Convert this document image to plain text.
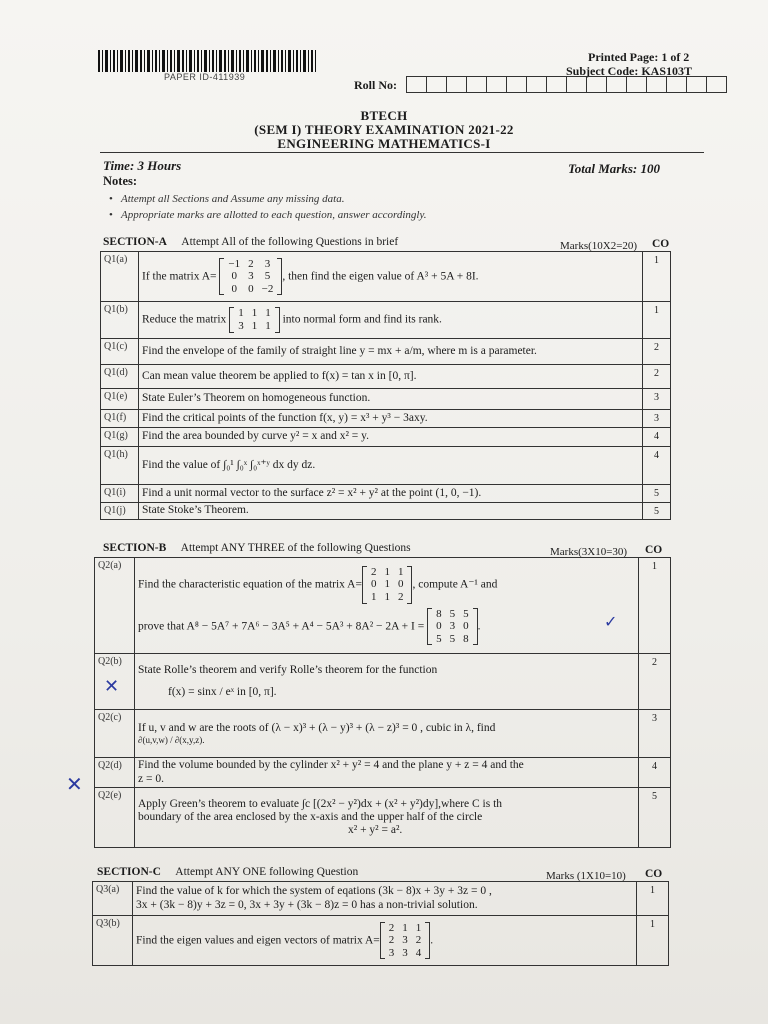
PAPER ID-411939
Printed Page: 1 of 2
Subject Code: KAS103T
Roll No:
BTECH
(SEM I) THEORY EXAMINATION 2021-22
ENGINEERING MATHEMATICS-I
Time: 3 Hours	Total Marks: 100
Notes:
• Attempt all Sections and Assume any missing data.
• Appropriate marks are allotted to each question, answer accordingly.
SECTION-A Attempt All of the following Questions in brief	Marks(10X2=20) CO
Q1(a)	If the matrix A=
−1	2	3
0	3	5
0	0	−2
, then find the eigen value of A³ + 5A + 8I.	1
Q1(b)	Reduce the matrix
1	1	1
3	1	1
into normal form and find its rank.	1
Q1(c)	Find the envelope of the family of straight line y = mx + a/m, where m is a parameter.	2
Q1(d)	Can mean value theorem be applied to f(x) = tan x in [0, π].	2
Q1(e)	State Euler’s Theorem on homogeneous function.	3
Q1(f)	Find the critical points of the function f(x, y) = x³ + y³ − 3axy.	3
Q1(g)	Find the area bounded by curve y² = x and x² = y.	4
Q1(h)	Find the value of ∫₀¹ ∫₀ˣ ∫₀ˣ⁺ʸ dx dy dz.	4
Q1(i)	Find a unit normal vector to the surface z² = x² + y² at the point (1, 0, −1).	5
Q1(j)	State Stoke’s Theorem.	5
SECTION-B Attempt ANY THREE of the following Questions	Marks(3X10=30) CO
Q2(a)	
Find the characteristic equation of the matrix A=
2	1	1
0	1	0
1	1	2
, compute A⁻¹ and
prove that A⁸ − 5A⁷ + 7A⁶ − 3A⁵ + A⁴ − 5A³ + 8A² − 2A + I =
8	5	5
0	3	0
5	5	8
.
	1
Q2(b)	
State Rolle’s theorem and verify Rolle’s theorem for the function
f(x) = sinx / eˣ in [0, π].
	2
Q2(c)	
If u, v and w are the roots of (λ − x)³ + (λ − y)³ + (λ − z)³ = 0 , cubic in λ, find
∂(u,v,w) / ∂(x,y,z).
	3
Q2(d)	Find the volume bounded by the cylinder x² + y² = 4 and the plane y + z = 4 and the
z = 0.
	4
Q2(e)	
Apply Green’s theorem to evaluate ∫c [(2x² − y²)dx + (x² + y²)dy],where C is th
boundary of the area enclosed by the x-axis and the upper half of the circle
x² + y² = a².
	5
SECTION-C Attempt ANY ONE following Question	Marks (1X10=10) CO
Q3(a)	Find the value of k for which the system of eqations (3k − 8)x + 3y + 3z = 0 ,
3x + (3k − 8)y + 3z = 0, 3x + 3y + (3k − 8)z = 0 has a non-trivial solution.
	1
Q3(b)	Find the eigen values and eigen vectors of matrix A=
2	1	1
2	3	2
3	3	4
.	1
✕
✕
✓
